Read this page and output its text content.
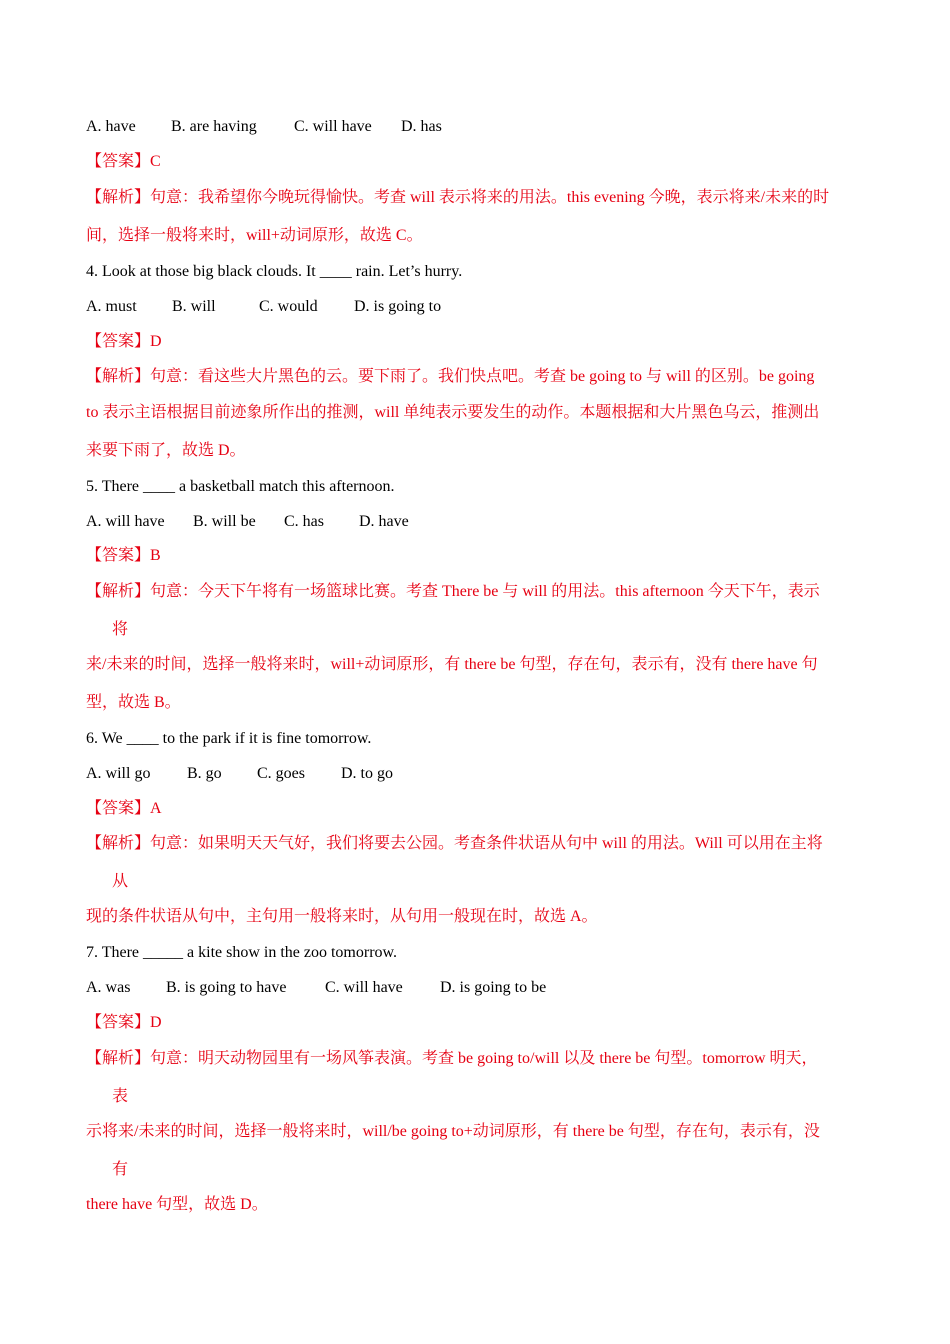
A. have B. are having C. will have D. has
【答案】C
【解析】句意：我希望你今晚玩得愉快。考查 will 表示将来的用法。this evening 今晚，表示将来/未来的时
间，选择一般将来时，will+动词原形，故选 C。
4. Look at those big black clouds. It ____ rain. Let’s hurry.
A. must B. will	C. would D. is going to
【答案】D
【解析】句意：看这些大片黑色的云。要下雨了。我们快点吧。考查 be going to 与 will 的区别。be going
to 表示主语根据目前迹象所作出的推测，will 单纯表示要发生的动作。本题根据和大片黑色乌云，推测出
来要下雨了，故选 D。
5. There ____ a basketball match this afternoon.
A. will have B. will be C. has D. have
【答案】B
【解析】句意：今天下午将有一场篮球比赛。考查 There be 与 will 的用法。this afternoon 今天下午，表示
将
来/未来的时间，选择一般将来时，will+动词原形，有 there be 句型，存在句，表示有，没有 there have 句
型，故选 B。
6. We ____ to the park if it is fine tomorrow.
A. will go B. go C. goes D. to go
【答案】A
【解析】句意：如果明天天气好，我们将要去公园。考查条件状语从句中 will 的用法。Will 可以用在主将
从
现的条件状语从句中，主句用一般将来时，从句用一般现在时，故选 A。
7. There _____ a kite show in the zoo tomorrow.
A. was B. is going to have C. will have D. is going to be
【答案】D
【解析】句意：明天动物园里有一场风筝表演。考查 be going to/will 以及 there be 句型。tomorrow 明天，
表
示将来/未来的时间，选择一般将来时，will/be going to+动词原形，有 there be 句型，存在句，表示有，没
有
there have 句型，故选 D。
